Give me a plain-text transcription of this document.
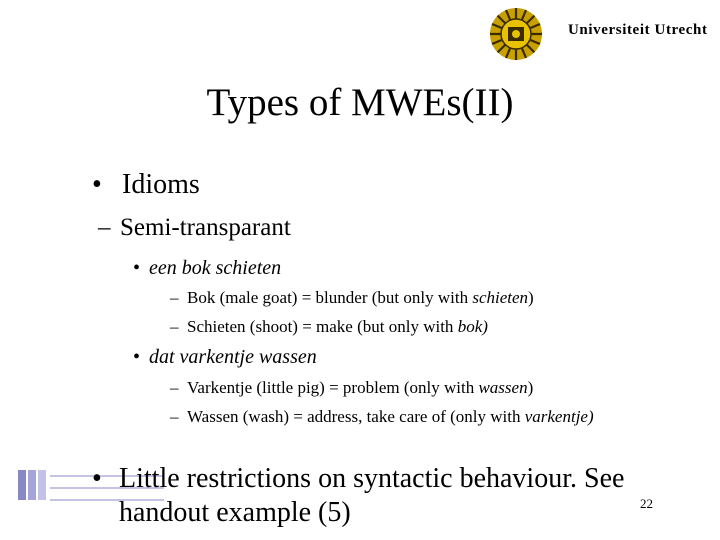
Universiteit Utrecht
Types of MWEs(II)
• Idioms
– Semi-transparant
• een bok schieten
– Bok (male goat) = blunder (but only with schieten)
– Schieten (shoot) = make (but only with bok)
• dat varkentje wassen
– Varkentje (little pig) = problem (only with wassen)
– Wassen (wash) = address, take care of (only with varkentje)
• Little restrictions on syntactic behaviour. See handout example (5)	22
